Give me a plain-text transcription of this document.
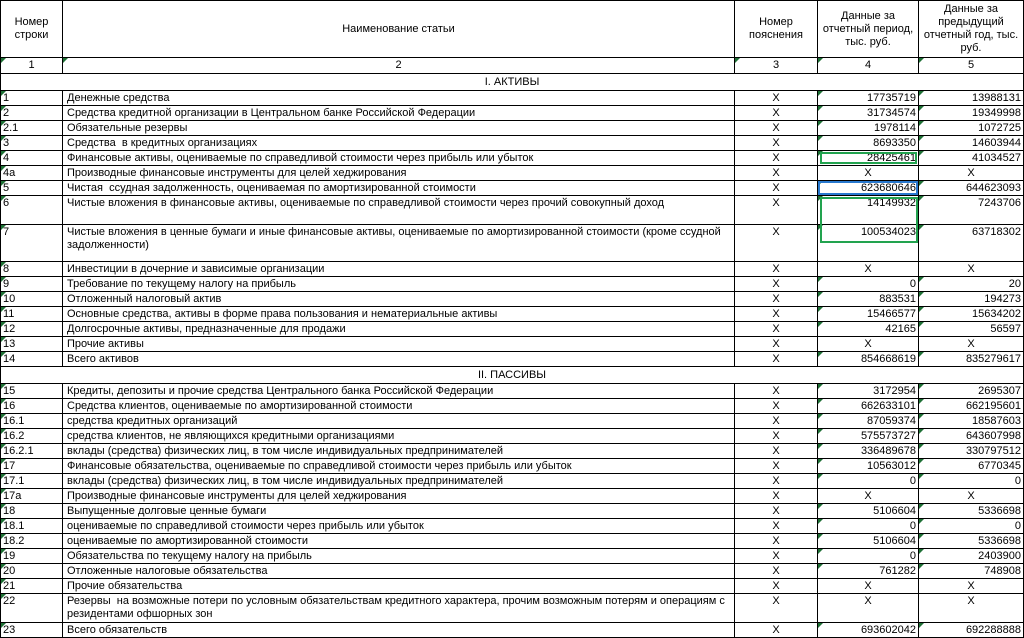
Номер строки	Наименование статьи	Номер пояснения	Данные за отчетный период, тыс. руб.	Данные за предыдущий отчетный год, тыс. руб.
1	2	3	4	5
I. АКТИВЫ				
1	Денежные средства	X	17735719	13988131
2	Средства кредитной организации в Центральном банке Российской Федерации	X	31734574	19349998
2.1	Обязательные резервы	X	1978114	1072725
3	Средства  в кредитных организациях	X	8693350	14603944
4	Финансовые активы, оцениваемые по справедливой стоимости через прибыль или убыток	X	28425461	41034527
4а	Производные финансовые инструменты для целей хеджирования	X	X	X
5	Чистая  ссудная задолженность, оцениваемая по амортизированной стоимости	X	623680646	644623093
6	Чистые вложения в финансовые активы, оцениваемые по справедливой стоимости через прочий совокупный доход	X	14149932	7243706
7	Чистые вложения в ценные бумаги и иные финансовые активы, оцениваемые по амортизированной стоимости (кроме ссудной задолженности)	X	100534023	63718302
8	Инвестиции в дочерние и зависимые организации	X	X	X
9	Требование по текущему налогу на прибыль	X	0	20
10	Отложенный налоговый актив	X	883531	194273
11	Основные средства, активы в форме права пользования и нематериальные активы	X	15466577	15634202
12	Долгосрочные активы, предназначенные для продажи	X	42165	56597
13	Прочие активы	X	X	X
14	Всего активов	X	854668619	835279617
II. ПАССИВЫ				
15	Кредиты, депозиты и прочие средства Центрального банка Российской Федерации	X	3172954	2695307
16	Средства клиентов, оцениваемые по амортизированной стоимости	X	662633101	662195601
16.1	средства кредитных организаций	X	87059374	18587603
16.2	средства клиентов, не являющихся кредитными организациями	X	575573727	643607998
16.2.1	вклады (средства) физических лиц, в том числе индивидуальных предпринимателей	X	336489678	330797512
17	Финансовые обязательства, оцениваемые по справедливой стоимости через прибыль или убыток	X	10563012	6770345
17.1	вклады (средства) физических лиц, в том числе индивидуальных предпринимателей	X	0	0
17а	Производные финансовые инструменты для целей хеджирования	X	X	X
18	Выпущенные долговые ценные бумаги	X	5106604	5336698
18.1	оцениваемые по справедливой стоимости через прибыль или убыток	X	0	0
18.2	оцениваемые по амортизированной стоимости	X	5106604	5336698
19	Обязательства по текущему налогу на прибыль	X	0	2403900
20	Отложенные налоговые обязательства	X	761282	748908
21	Прочие обязательства	X	X	X
22	Резервы  на возможные потери по условным обязательствам кредитного характера, прочим возможным потерям и операциям с резидентами офшорных зон	X	X	X
23	Всего обязательств	X	693602042	692288888
